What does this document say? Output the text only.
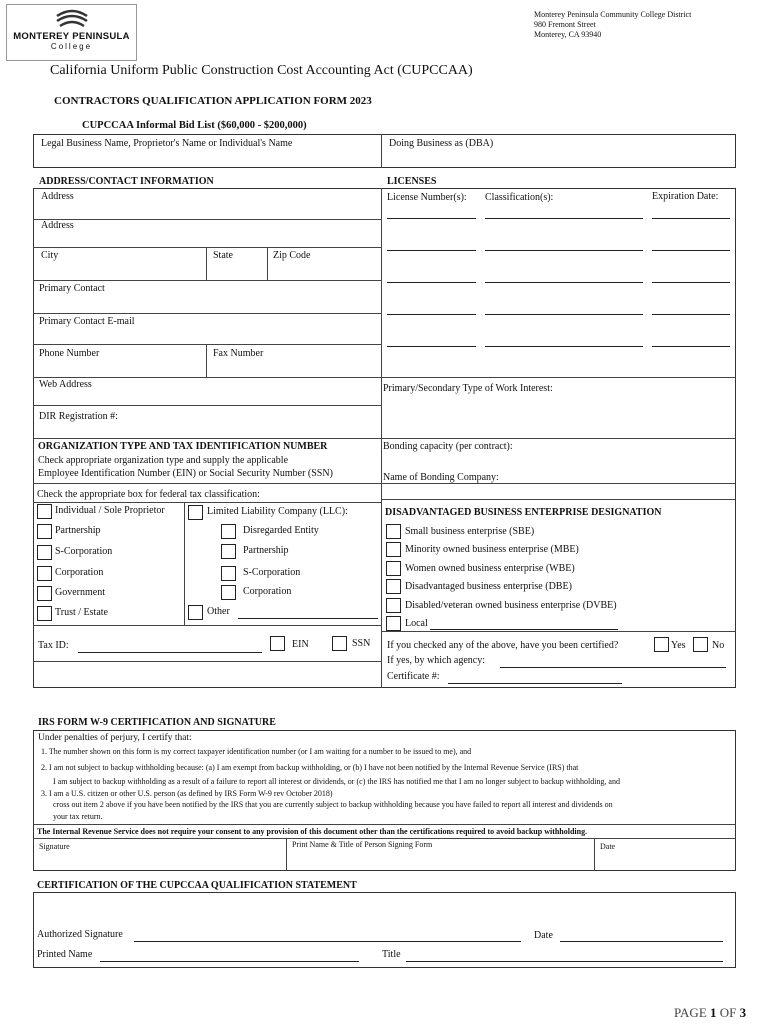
MONTEREY PENINSULA
College
Monterey Peninsula Community College District
980 Fremont Street
Monterey, CA 93940
California Uniform Public Construction Cost Accounting Act (CUPCCAA)
CONTRACTORS QUALIFICATION APPLICATION FORM 2023
CUPCCAA Informal Bid List ($60,000 - $200,000)
Legal Business Name, Proprietor's Name or Individual's Name	Doing Business as (DBA)
ADDRESS/CONTACT INFORMATION	LICENSES
Address
Address
City	State	Zip Code
Primary Contact
Primary Contact E-mail
Phone Number	Fax Number
Web Address	Primary/Secondary Type of Work Interest:
DIR Registration #:
License Number(s): Classification(s):	Expiration Date:
ORGANIZATION TYPE AND TAX IDENTIFICATION NUMBER
Check appropriate organization type and supply the applicable
Employee Identification Number (EIN) or Social Security Number (SSN)
Bonding capacity (per contract):
Name of Bonding Company:
Check the appropriate box for federal tax classification:
Individual / Sole Proprietor
Partnership
S-Corporation
Corporation
Government
Trust / Estate
Limited Liability Company (LLC):
Disregarded Entity
Partnership
S-Corporation
Corporation
Other
Tax ID:	EIN	SSN
DISADVANTAGED BUSINESS ENTERPRISE DESIGNATION
Small business enterprise (SBE)
Minority owned business enterprise (MBE)
Women owned business enterprise (WBE)
Disadvantaged business enterprise (DBE)
Disabled/veteran owned business enterprise (DVBE)
Local
If you checked any of the above, have you been certified?	Yes	No
If yes, by which agency:
Certificate #:
IRS FORM W-9 CERTIFICATION AND SIGNATURE
Under penalties of perjury, I certify that:
1. The number shown on this form is my correct taxpayer identification number (or I am waiting for a number to be issued to me), and
2. I am not subject to backup withholding because: (a) I am exempt from backup withholding, or (b) I have not been notified by the Internal Revenue Service (IRS) that
I am subject to backup withholding as a result of a failure to report all interest or dividends, or (c) the IRS has notified me that I am no longer subject to backup withholding, and
3. I am a U.S. citizen or other U.S. person (as defined by IRS Form W-9 rev October 2018)
cross out item 2 above if you have been notified by the IRS that you are currently subject to backup withholding because you have failed to report all interest and dividends on
your tax return.
The Internal Revenue Service does not require your consent to any provision of this document other than the certifications required to avoid backup withholding.
Signature	Print Name & Title of Person Signing Form	Date
CERTIFICATION OF THE CUPCCAA QUALIFICATION STATEMENT
Authorized Signature	Date
Printed Name	Title
PAGE 1 OF 3
